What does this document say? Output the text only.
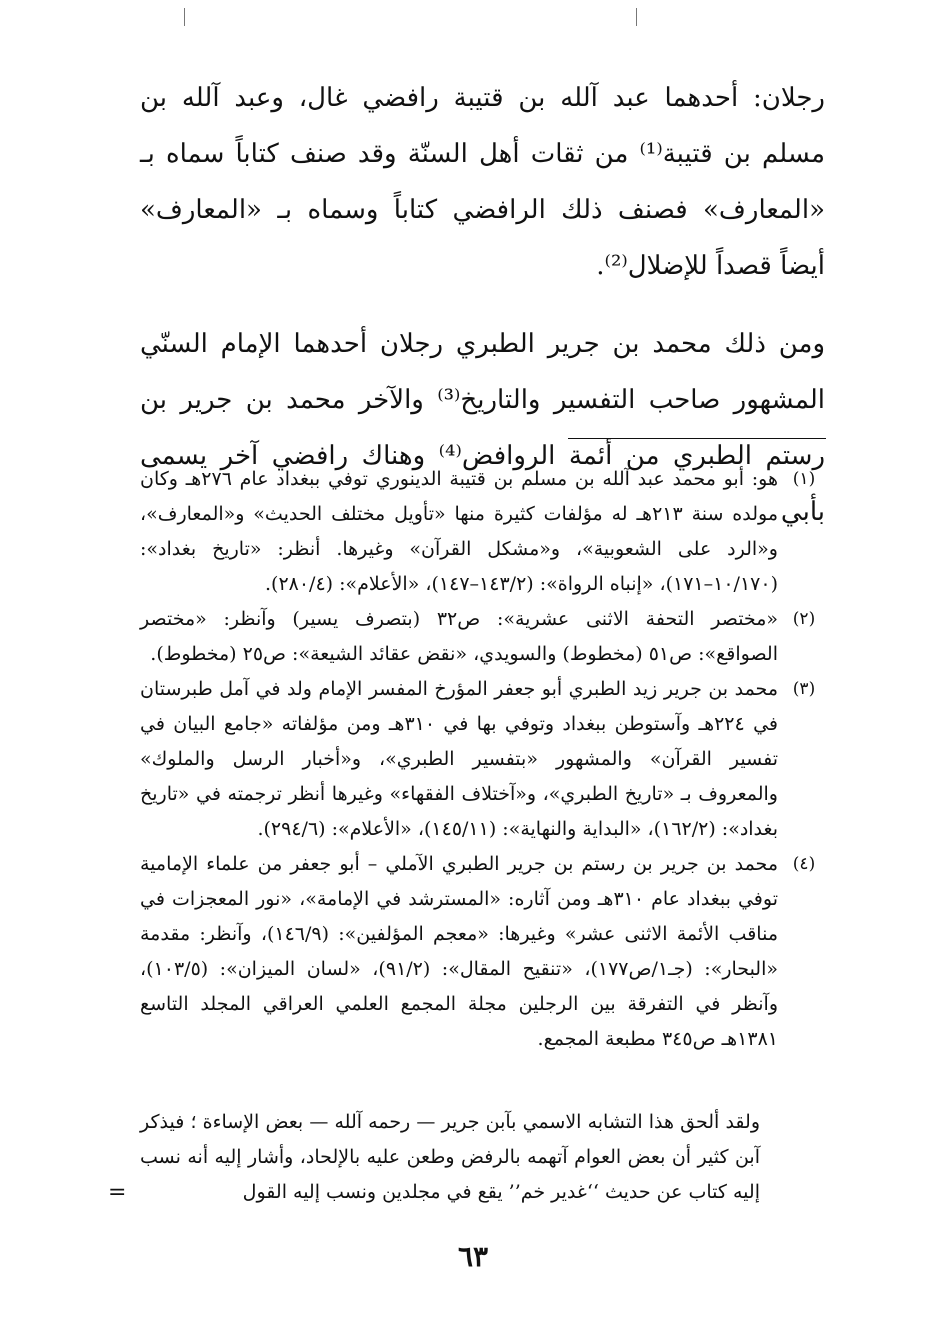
رجلان: أحدهما عبد آلله بن قتيبة رافضي غال، وعبد آلله بن مسلم بن قتيبة⁽¹⁾ من ثقات أهل السنّة وقد صنف كتاباً سماه بـ «المعارف» فصنف ذلك الرافضي كتاباً وسماه بـ «المعارف» أيضاً قصداً للإضلال⁽²⁾.

ومن ذلك محمد بن جرير الطبري رجلان أحدهما الإمام السنّي المشهور صاحب التفسير والتاريخ⁽³⁾ والآخر محمد بن جرير بن رستم الطبري من أئمة الروافض⁽⁴⁾ وهناك رافضي آخر يسمى بأبي

(١)
هو: أبو محمد عبد آلله بن مسلم بن قتيبة الدينوري توفي ببغداد عام ٢٧٦هـ وكان مولده سنة ٢١٣هـ له مؤلفات كثيرة منها «تأويل مختلف الحديث» و«المعارف»، و«الرد على الشعوبية»، و«مشكل القرآن» وغيرها. أنظر: «تاريخ بغداد»: (١٠/١٧٠–١٧١)، «إنباه الرواة»: (١٤٣/٢–١٤٧)، «الأعلام»: (٢٨٠/٤).
(٢)
«مختصر التحفة الاثنى عشرية»: ص٣٢ (بتصرف يسير) وآنظر: «مختصر الصواقع»: ص٥١ (مخطوط) والسويدي، «نقض عقائد الشيعة»: ص٢٥ (مخطوط).
(٣)
محمد بن جرير زيد الطبري أبو جعفر المؤرخ المفسر الإمام ولد في آمل طبرستان في ٢٢٤هـ وآستوطن ببغداد وتوفي بها في ٣١٠هـ ومن مؤلفاته «جامع البيان في تفسير القرآن» والمشهور «بتفسير الطبري»، و«أخبار الرسل والملوك» والمعروف بـ «تاريخ الطبري»، و«آختلاف الفقهاء» وغيرها أنظر ترجمته في «تاريخ بغداد»: (١٦٢/٢)، «البداية والنهاية»: (١٤٥/١١)، «الأعلام»: (٢٩٤/٦).
(٤)
محمد بن جرير بن رستم بن جرير الطبري الآملي – أبو جعفر من علماء الإمامية توفي ببغداد عام ٣١٠هـ ومن آثاره: «المسترشد في الإمامة»، «نور المعجزات في مناقب الأئمة الاثنى عشر» وغيرها: «معجم المؤلفين»: (١٤٦/٩)، وآنظر: مقدمة «البحار»: (جـ١/ص١٧٧)، «تنقيح المقال»: (٩١/٢)، «لسان الميزان»: (١٠٣/٥)، وآنظر في التفرقة بين الرجلين مجلة المجمع العلمي العراقي المجلد التاسع ١٣٨١هـ ص٣٤٥ مطبعة المجمع.
ولقد ألحق هذا التشابه الاسمي بآبن جرير — رحمه آلله — بعض الإساءة ؛ فيذكر آبن كثير أن بعض العوام آتهمه بالرفض وطعن عليه بالإلحاد، وأشار إليه أنه نسب إليه كتاب عن حديث ‘‘غدير خم’’ يقع في مجلدين ونسب إليه القول
=
٦٣
